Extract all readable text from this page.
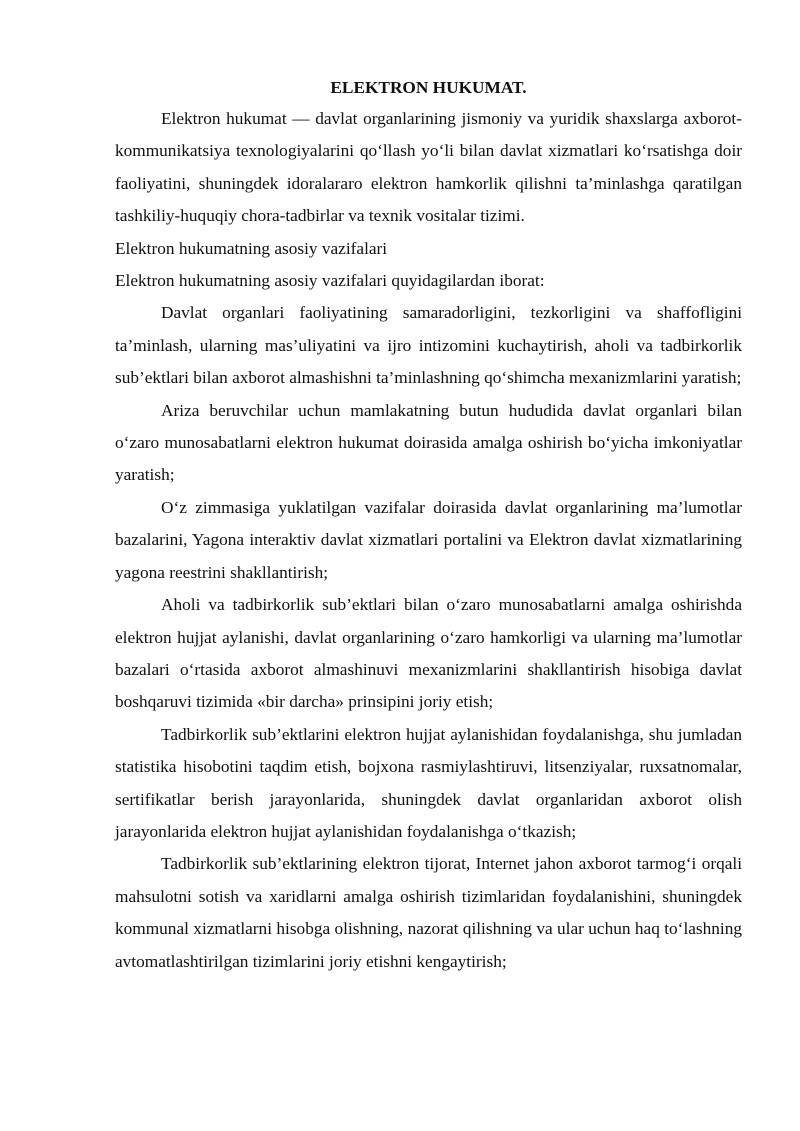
ELEKTRON HUKUMAT.

Elektron hukumat — davlat organlarining jismoniy va yuridik shaxslarga axborot-kommunikatsiya texnologiyalarini qo‘llash yo‘li bilan davlat xizmatlari ko‘rsatishga doir faoliyatini, shuningdek idoralararo elektron hamkorlik qilishni ta’minlashga qaratilgan tashkiliy-huquqiy chora-tadbirlar va texnik vositalar tizimi.

Elektron hukumatning asosiy vazifalari

Elektron hukumatning asosiy vazifalari quyidagilardan iborat:

Davlat organlari faoliyatining samaradorligini, tezkorligini va shaffofligini ta’minlash, ularning mas’uliyatini va ijro intizomini kuchaytirish, aholi va tadbirkorlik sub’ektlari bilan axborot almashishni ta’minlashning qo‘shimcha mexanizmlarini yaratish;

Ariza beruvchilar uchun mamlakatning butun hududida davlat organlari bilan o‘zaro munosabatlarni elektron hukumat doirasida amalga oshirish bo‘yicha imkoniyatlar yaratish;

O‘z zimmasiga yuklatilgan vazifalar doirasida davlat organlarining ma’lumotlar bazalarini, Yagona interaktiv davlat xizmatlari portalini va Elektron davlat xizmatlarining yagona reestrini shakllantirish;

Aholi va tadbirkorlik sub’ektlari bilan o‘zaro munosabatlarni amalga oshirishda elektron hujjat aylanishi, davlat organlarining o‘zaro hamkorligi va ularning ma’lumotlar bazalari o‘rtasida axborot almashinuvi mexanizmlarini shakllantirish hisobiga davlat boshqaruvi tizimida «bir darcha» prinsipini joriy etish;

Tadbirkorlik sub’ektlarini elektron hujjat aylanishidan foydalanishga, shu jumladan statistika hisobotini taqdim etish, bojxona rasmiylashtiruvi, litsenziyalar, ruxsatnomalar, sertifikatlar berish jarayonlarida, shuningdek davlat organlaridan axborot olish jarayonlarida elektron hujjat aylanishidan foydalanishga o‘tkazish;

Tadbirkorlik sub’ektlarining elektron tijorat, Internet jahon axborot tarmog‘i orqali mahsulotni sotish va xaridlarni amalga oshirish tizimlaridan foydalanishini, shuningdek kommunal xizmatlarni hisobga olishning, nazorat qilishning va ular uchun haq to‘lashning avtomatlashtirilgan tizimlarini joriy etishni kengaytirish;
